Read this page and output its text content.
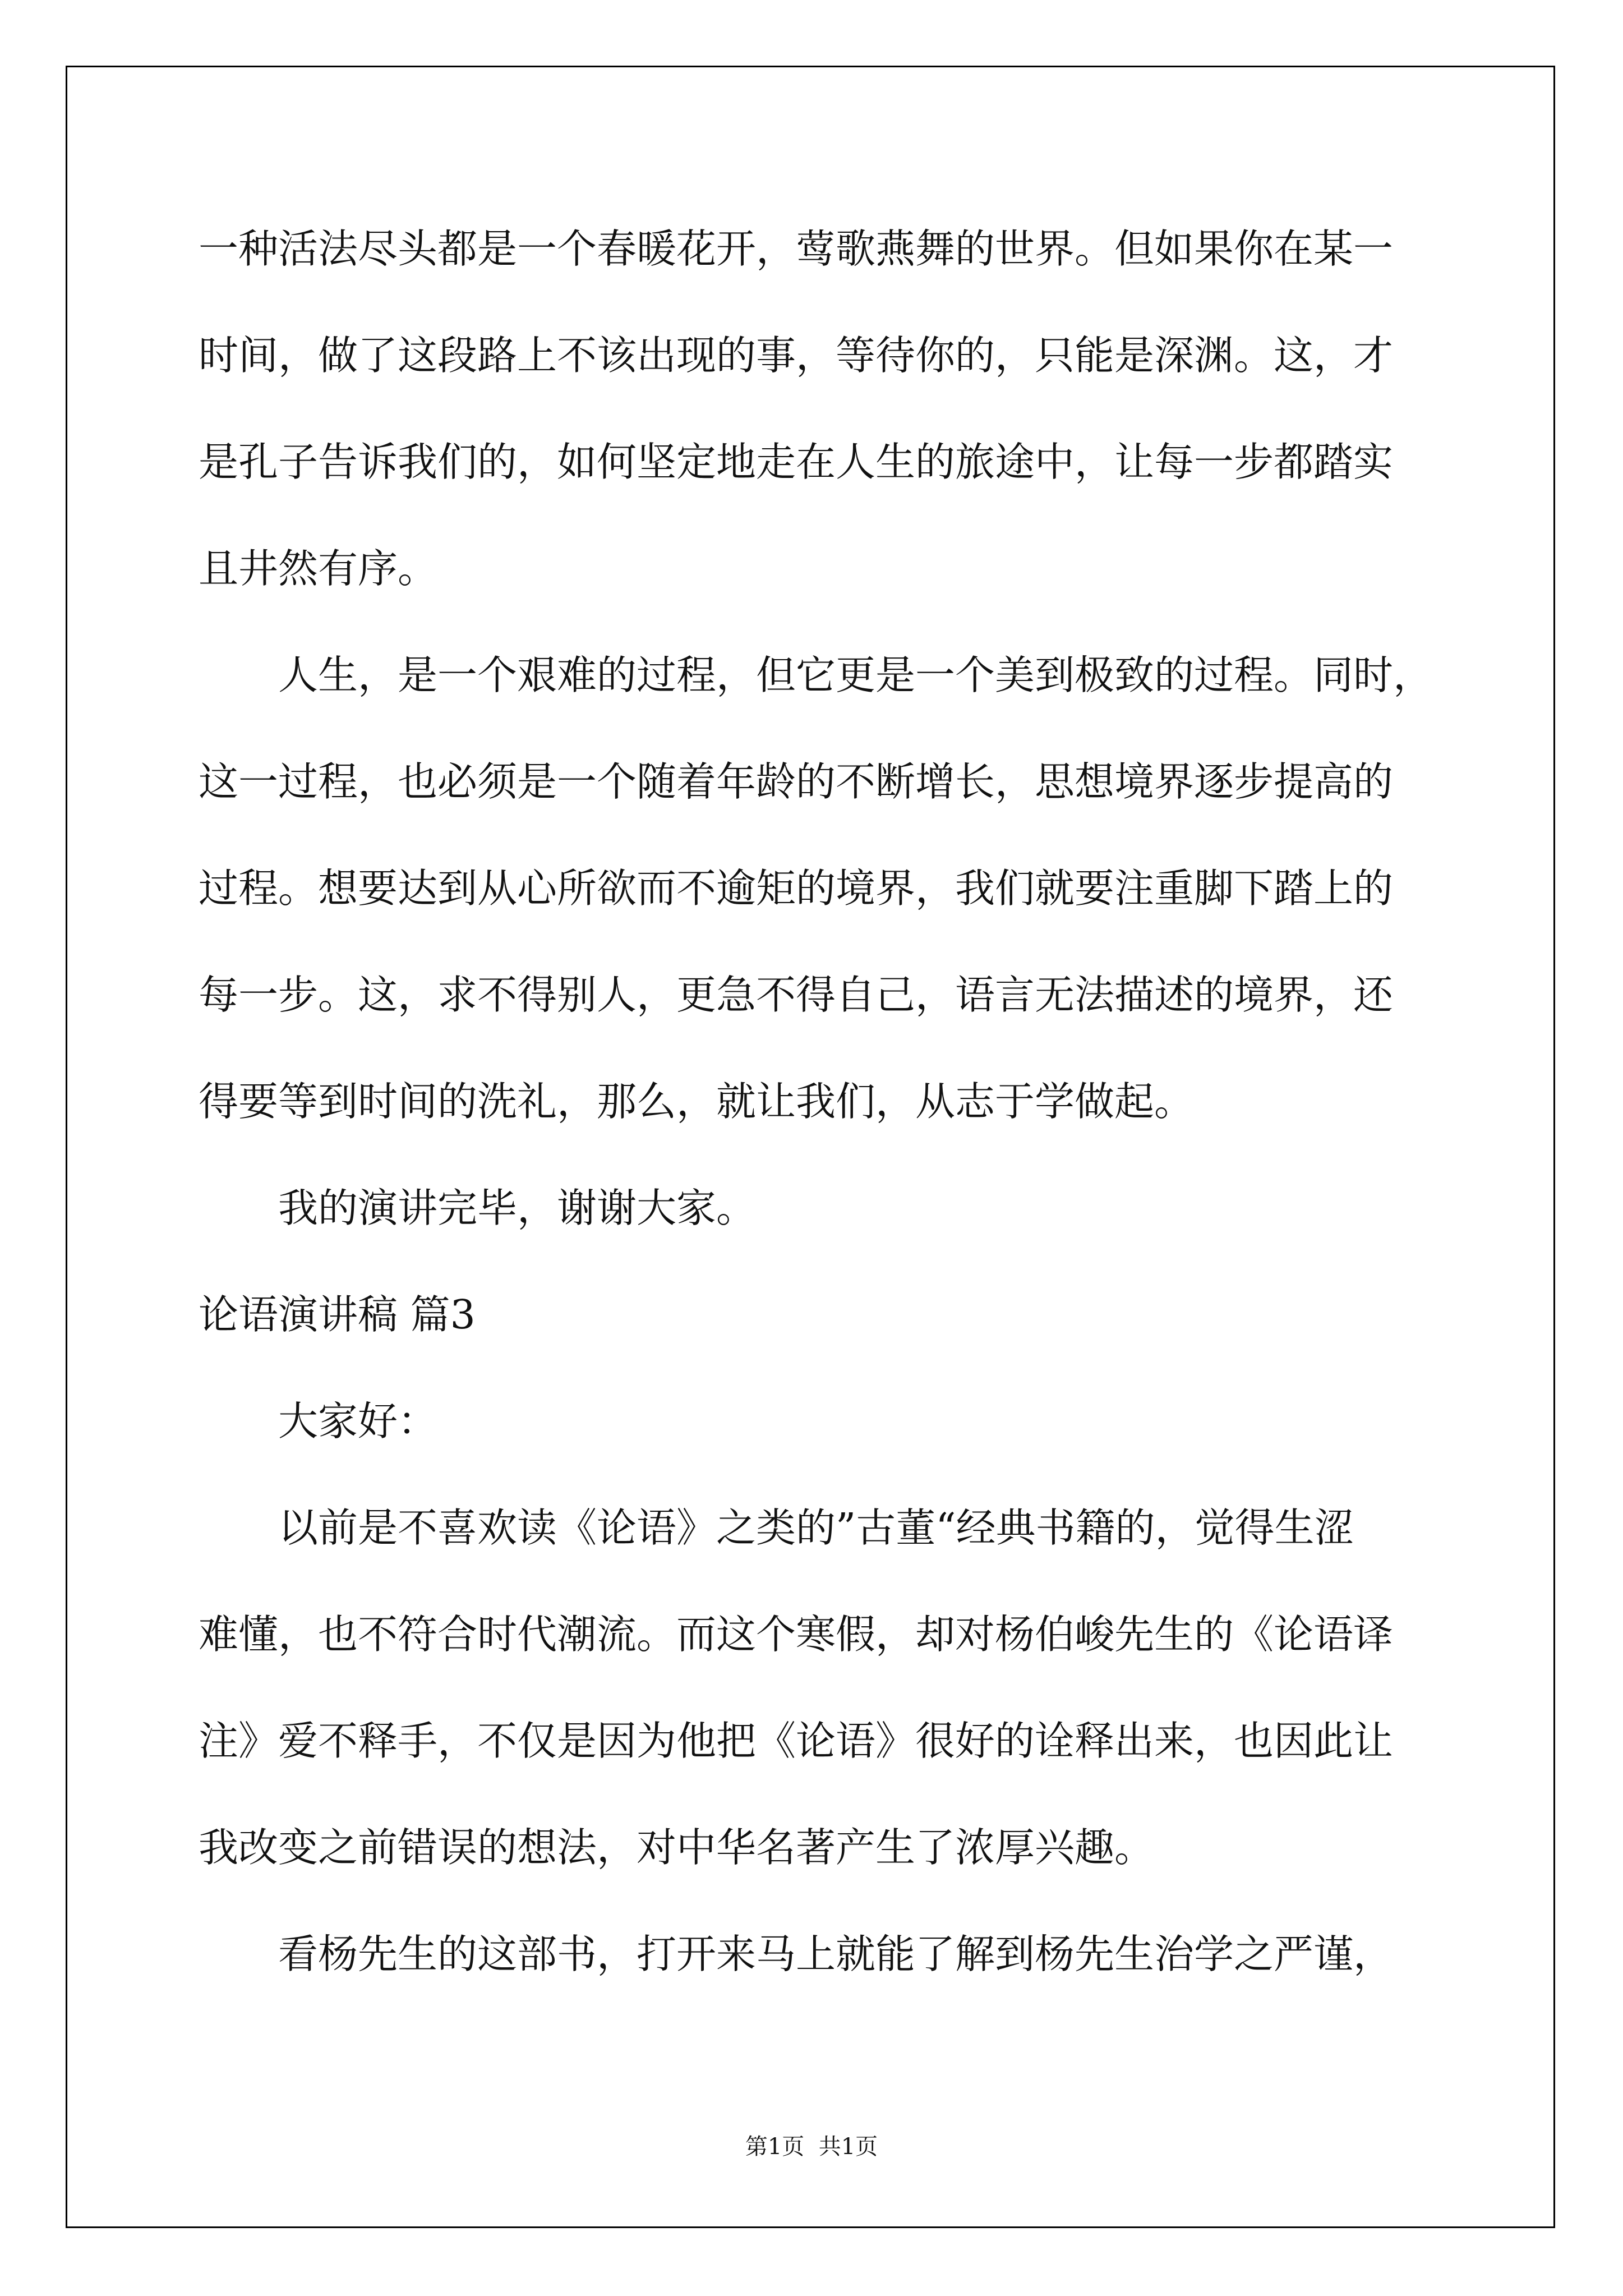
一种活法尽头都是一个春暖花开，莺歌燕舞的世界。但如果你在某一
时间，做了这段路上不该出现的事，等待你的，只能是深渊。这，才
是孔子告诉我们的，如何坚定地走在人生的旅途中，让每一步都踏实
且井然有序。
人生，是一个艰难的过程，但它更是一个美到极致的过程。同时，
这一过程，也必须是一个随着年龄的不断增长，思想境界逐步提高的
过程。想要达到从心所欲而不逾矩的境界，我们就要注重脚下踏上的
每一步。这，求不得别人，更急不得自己，语言无法描述的境界，还
得要等到时间的洗礼，那么，就让我们，从志于学做起。
我的演讲完毕，谢谢大家。
论语演讲稿 篇3
大家好：
以前是不喜欢读《论语》之类的”古董“经典书籍的，觉得生涩
难懂，也不符合时代潮流。而这个寒假，却对杨伯峻先生的《论语译
注》爱不释手，不仅是因为他把《论语》很好的诠释出来，也因此让
我改变之前错误的想法，对中华名著产生了浓厚兴趣。
看杨先生的这部书，打开来马上就能了解到杨先生治学之严谨，
第1页  共1页
